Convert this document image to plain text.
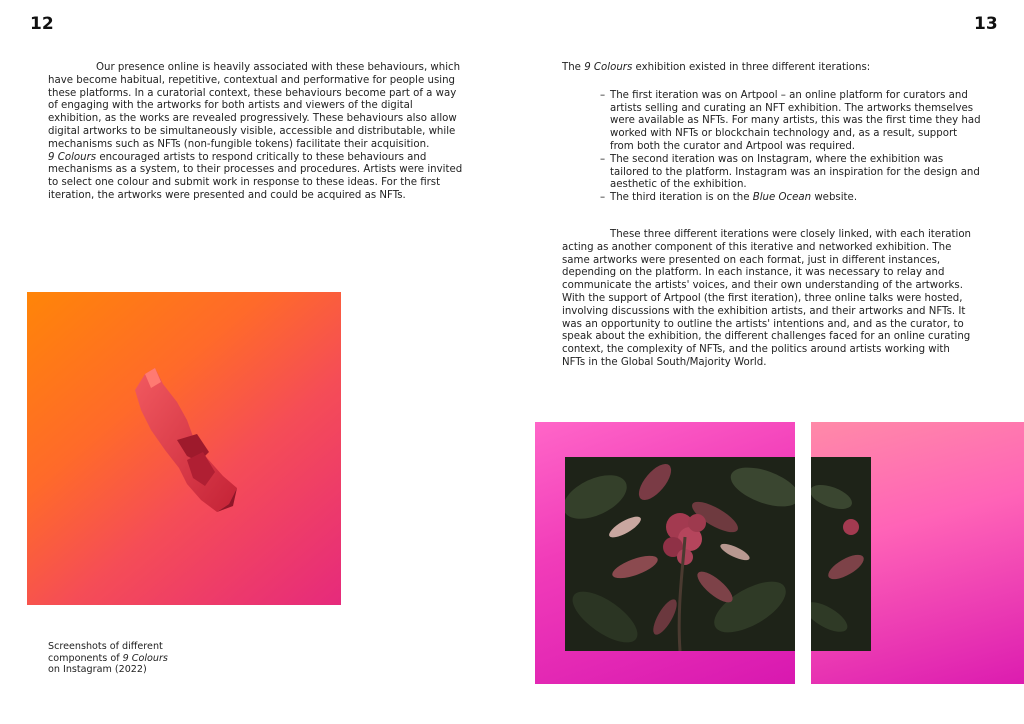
12	13

Our presence online is heavily associated with these behaviours, which have become habitual, repetitive, contextual and performative for people using these platforms. In a curatorial context, these behaviours become part of a way of engaging with the artworks for both artists and viewers of the digital exhibition, as the works are revealed progressively. These behaviours also allow digital artworks to be simultaneously visible, accessible and distributable, while mechanisms such as NFTs (non-fungible tokens) facilitate their acquisition.

9 Colours encouraged artists to respond critically to these behaviours and mechanisms as a system, to their processes and procedures. Artists were invited to select one colour and submit work in response to these ideas. For the first iteration, the artworks were presented and could be acquired as NFTs.

Screenshots of different components of 9 Colours on Instagram (2022)

The 9 Colours exhibition existed in three different iterations:

– The first iteration was on Artpool – an online platform for curators and artists selling and curating an NFT exhibition. The artworks themselves were available as NFTs. For many artists, this was the first time they had worked with NFTs or blockchain technology and, as a result, support from both the curator and Artpool was required.
– The second iteration was on Instagram, where the exhibition was tailored to the platform. Instagram was an inspiration for the design and aesthetic of the exhibition.
– The third iteration is on the Blue Ocean website.

These three different iterations were closely linked, with each iteration acting as another component of this iterative and networked exhibition. The same artworks were presented on each format, just in different instances, depending on the platform. In each instance, it was necessary to relay and communicate the artists' voices, and their own understanding of the artworks. With the support of Artpool (the first iteration), three online talks were hosted, involving discussions with the exhibition artists, and their artworks and NFTs. It was an opportunity to outline the artists' intentions and, and as the curator, to speak about the exhibition, the different challenges faced for an online curating context, the complexity of NFTs, and the politics around artists working with NFTs in the Global South/Majority World.
